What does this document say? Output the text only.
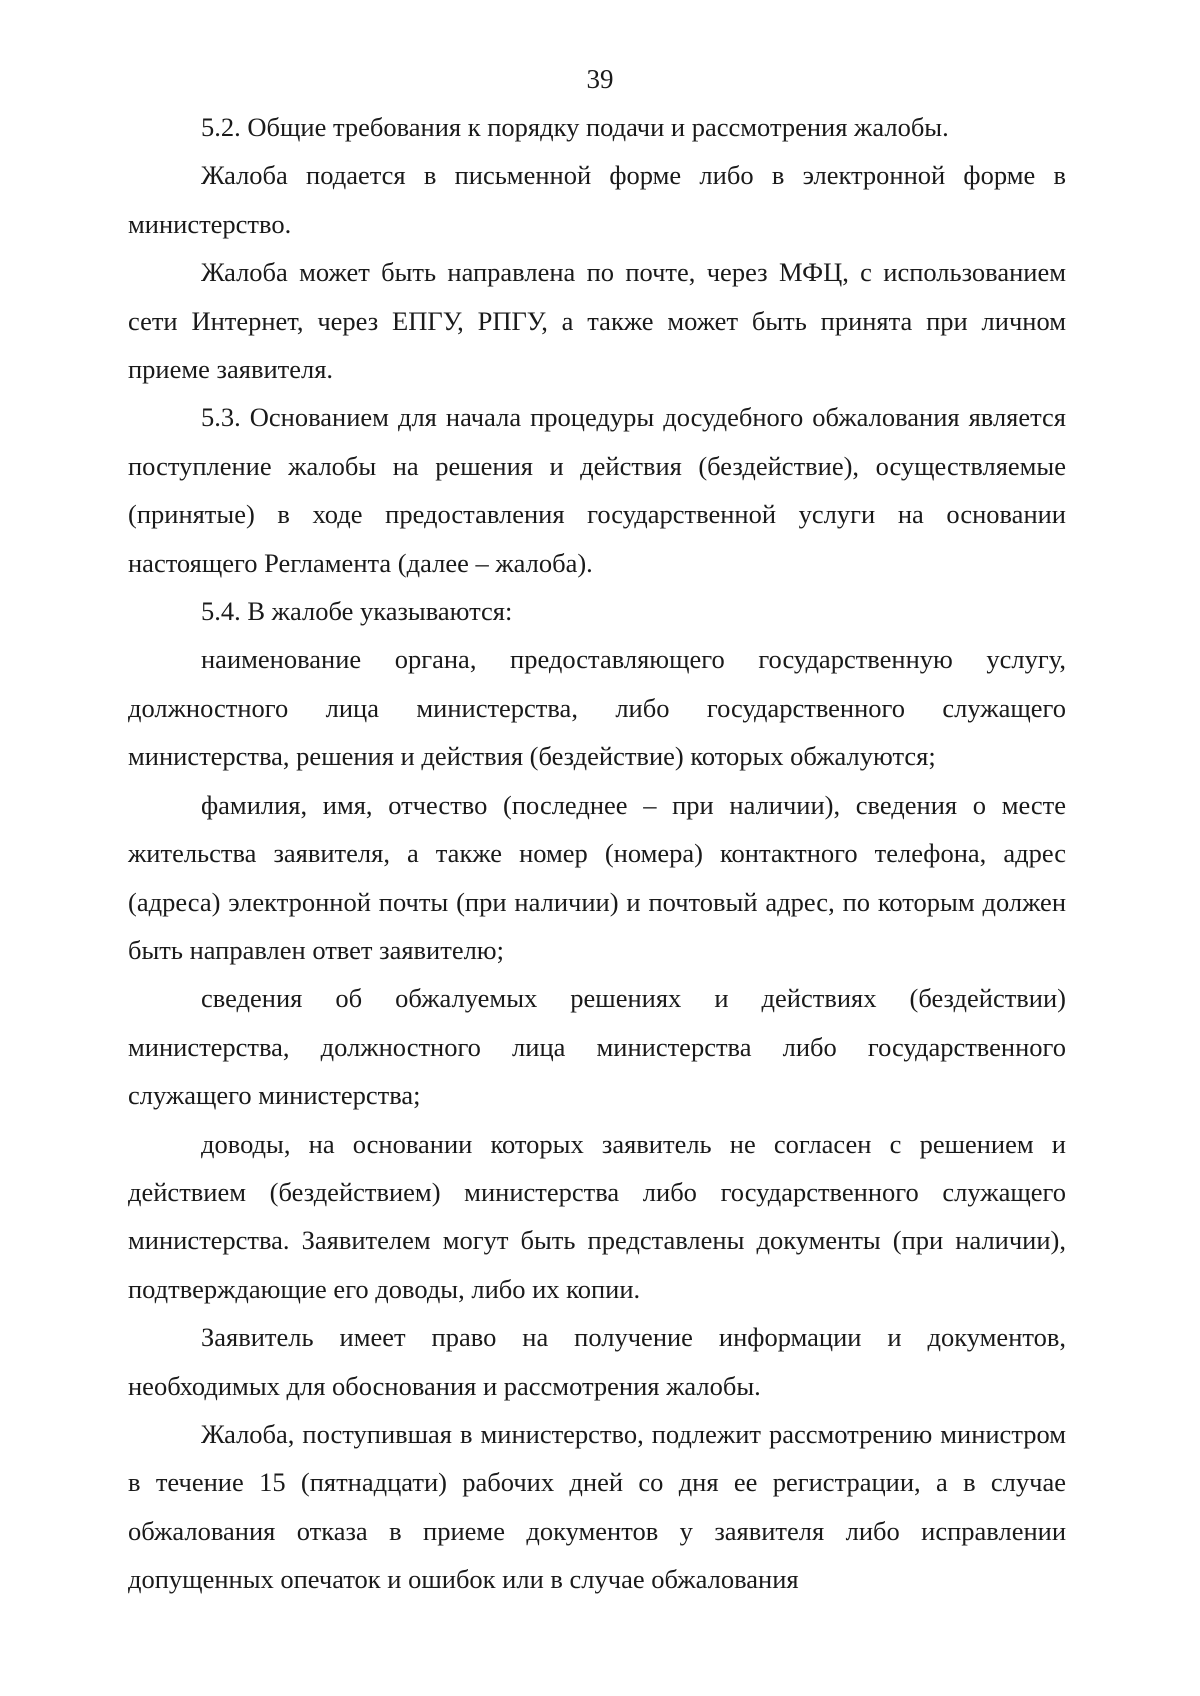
39

5.2. Общие требования к порядку подачи и рассмотрения жалобы.

Жалоба подается в письменной форме либо в электронной форме в министерство.

Жалоба может быть направлена по почте, через МФЦ, с использованием сети Интернет, через ЕПГУ, РПГУ, а также может быть принята при личном приеме заявителя.

5.3. Основанием для начала процедуры досудебного обжалования является поступление жалобы на решения и действия (бездействие), осуществляемые (принятые) в ходе предоставления государственной услуги на основании настоящего Регламента (далее – жалоба).

5.4. В жалобе указываются:

наименование органа, предоставляющего государственную услугу, должностного лица министерства, либо государственного служащего министерства, решения и действия (бездействие) которых обжалуются;

фамилия, имя, отчество (последнее – при наличии), сведения о месте жительства заявителя, а также номер (номера) контактного телефона, адрес (адреса) электронной почты (при наличии) и почтовый адрес, по которым должен быть направлен ответ заявителю;

сведения об обжалуемых решениях и действиях (бездействии) министерства, должностного лица министерства либо государственного служащего министерства;

доводы, на основании которых заявитель не согласен с решением и действием (бездействием) министерства либо государственного служащего министерства. Заявителем могут быть представлены документы (при наличии), подтверждающие его доводы, либо их копии.

Заявитель имеет право на получение информации и документов, необходимых для обоснования и рассмотрения жалобы.

Жалоба, поступившая в министерство, подлежит рассмотрению министром в течение 15 (пятнадцати) рабочих дней со дня ее регистрации, а в случае обжалования отказа в приеме документов у заявителя либо исправлении допущенных опечаток и ошибок или в случае обжалования
